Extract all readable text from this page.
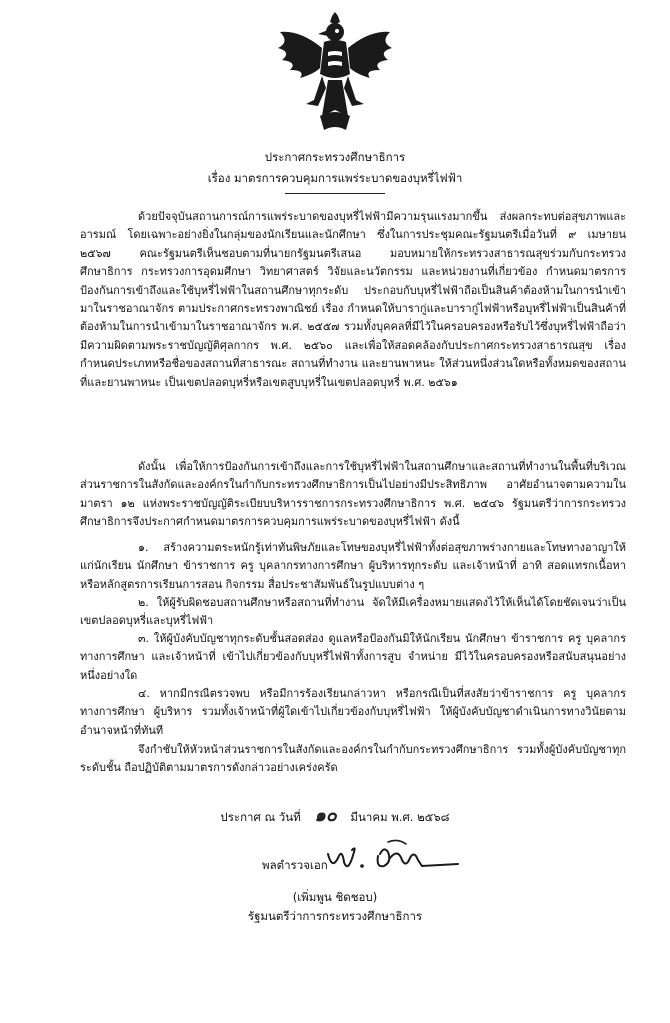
ประกาศกระทรวงศึกษาธิการ
เรื่อง มาตรการควบคุมการแพร่ระบาดของบุหรี่ไฟฟ้า

ด้วยปัจจุบันสถานการณ์การแพร่ระบาดของบุหรี่ไฟฟ้ามีความรุนแรงมากขึ้น ส่งผลกระทบต่อสุขภาพและอารมณ์ โดยเฉพาะอย่างยิ่งในกลุ่มของนักเรียนและนักศึกษา ซึ่งในการประชุมคณะรัฐมนตรีเมื่อวันที่ ๙ เมษายน ๒๕๖๗ คณะรัฐมนตรีเห็นชอบตามที่นายกรัฐมนตรีเสนอ มอบหมายให้กระทรวงสาธารณสุขร่วมกับกระทรวงศึกษาธิการ กระทรวงการอุดมศึกษา วิทยาศาสตร์ วิจัยและนวัตกรรม และหน่วยงานที่เกี่ยวข้อง กำหนดมาตรการป้องกันการเข้าถึงและใช้บุหรี่ไฟฟ้าในสถานศึกษาทุกระดับ ประกอบกับบุหรี่ไฟฟ้าถือเป็นสินค้าต้องห้ามในการนำเข้ามาในราชอาณาจักร ตามประกาศกระทรวงพาณิชย์ เรื่อง กำหนดให้บารากู่และบารากู่ไฟฟ้าหรือบุหรี่ไฟฟ้าเป็นสินค้าที่ต้องห้ามในการนำเข้ามาในราชอาณาจักร พ.ศ. ๒๕๕๗ รวมทั้งบุคคลที่มีไว้ในครอบครองหรือรับไว้ซึ่งบุหรี่ไฟฟ้าถือว่ามีความผิดตามพระราชบัญญัติศุลกากร พ.ศ. ๒๕๖๐ และเพื่อให้สอดคล้องกับประกาศกระทรวงสาธารณสุข เรื่อง กำหนดประเภทหรือชื่อของสถานที่สาธารณะ สถานที่ทำงาน และยานพาหนะ ให้ส่วนหนึ่งส่วนใดหรือทั้งหมดของสถานที่และยานพาหนะ เป็นเขตปลอดบุหรี่หรือเขตสูบบุหรี่ในเขตปลอดบุหรี่ พ.ศ. ๒๕๖๑

ดังนั้น เพื่อให้การป้องกันการเข้าถึงและการใช้บุหรี่ไฟฟ้าในสถานศึกษาและสถานที่ทำงานในพื้นที่บริเวณส่วนราชการในสังกัดและองค์กรในกำกับกระทรวงศึกษาธิการเป็นไปอย่างมีประสิทธิภาพ อาศัยอำนาจตามความในมาตรา ๑๒ แห่งพระราชบัญญัติระเบียบบริหารราชการกระทรวงศึกษาธิการ พ.ศ. ๒๕๔๖ รัฐมนตรีว่าการกระทรวงศึกษาธิการจึงประกาศกำหนดมาตรการควบคุมการแพร่ระบาดของบุหรี่ไฟฟ้า ดังนี้

๑. สร้างความตระหนักรู้เท่าทันพิษภัยและโทษของบุหรี่ไฟฟ้าทั้งต่อสุขภาพร่างกายและโทษทางอาญาให้แก่นักเรียน นักศึกษา ข้าราชการ ครู บุคลากรทางการศึกษา ผู้บริหารทุกระดับ และเจ้าหน้าที่ อาทิ สอดแทรกเนื้อหาหรือหลักสูตรการเรียนการสอน กิจกรรม สื่อประชาสัมพันธ์ในรูปแบบต่าง ๆ

๒. ให้ผู้รับผิดชอบสถานศึกษาหรือสถานที่ทำงาน จัดให้มีเครื่องหมายแสดงไว้ให้เห็นได้โดยชัดเจนว่าเป็นเขตปลอดบุหรี่และบุหรี่ไฟฟ้า

๓. ให้ผู้บังคับบัญชาทุกระดับชั้นสอดส่อง ดูแลหรือป้องกันมิให้นักเรียน นักศึกษา ข้าราชการ ครู บุคลากรทางการศึกษา และเจ้าหน้าที่ เข้าไปเกี่ยวข้องกับบุหรี่ไฟฟ้าทั้งการสูบ จำหน่าย มีไว้ในครอบครองหรือสนับสนุนอย่างหนึ่งอย่างใด

๔. หากมีกรณีตรวจพบ หรือมีการร้องเรียนกล่าวหา หรือกรณีเป็นที่สงสัยว่าข้าราชการ ครู บุคลากรทางการศึกษา ผู้บริหาร รวมทั้งเจ้าหน้าที่ผู้ใดเข้าไปเกี่ยวข้องกับบุหรี่ไฟฟ้า ให้ผู้บังคับบัญชาดำเนินการทางวินัยตามอำนาจหน้าที่ทันที

จึงกำชับให้หัวหน้าส่วนราชการในสังกัดและองค์กรในกำกับกระทรวงศึกษาธิการ รวมทั้งผู้บังคับบัญชาทุกระดับชั้น ถือปฏิบัติตามมาตรการดังกล่าวอย่างเคร่งครัด

ประกาศ ณ วันที่ ๑๐ มีนาคม พ.ศ. ๒๕๖๘
พลตำรวจเอก
(เพิ่มพูน ชิดชอบ)
รัฐมนตรีว่าการกระทรวงศึกษาธิการ
